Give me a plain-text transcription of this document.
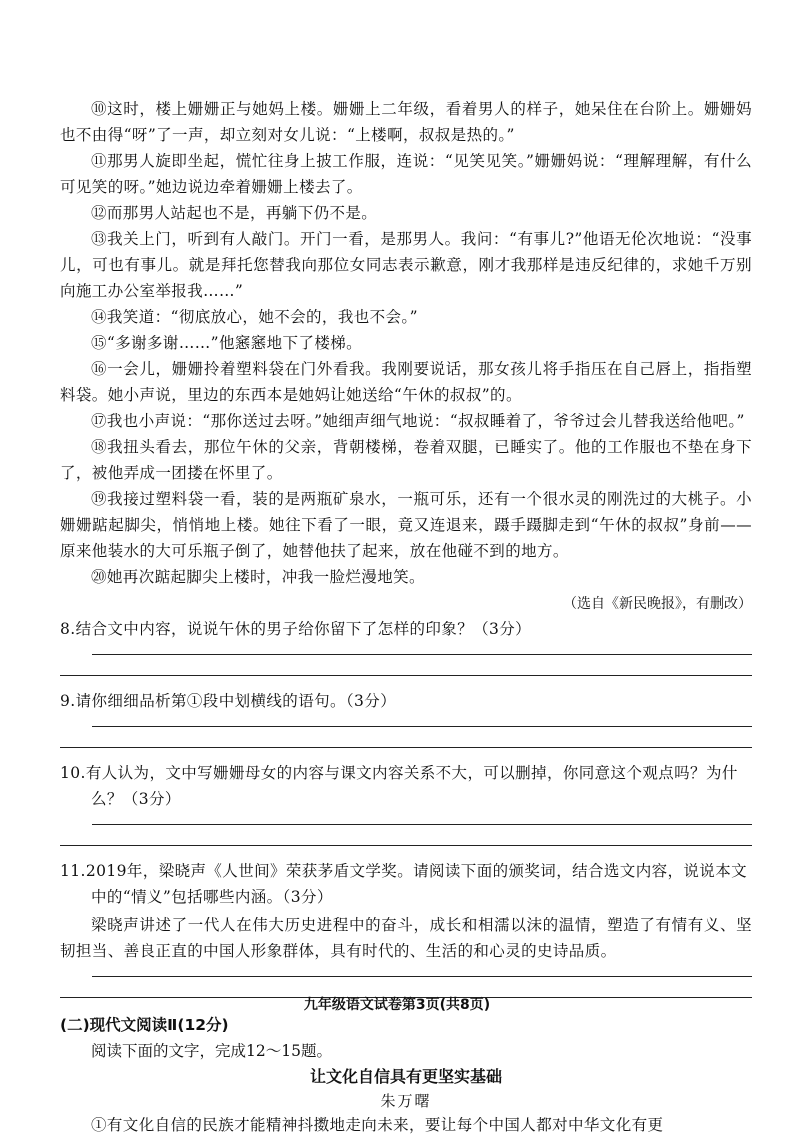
⑩这时，楼上姗姗正与她妈上楼。姗姗上二年级，看着男人的样子，她呆住在台阶上。姗姗妈也不由得“呀”了一声，却立刻对女儿说：“上楼啊，叔叔是热的。”

⑪那男人旋即坐起，慌忙往身上披工作服，连说：“见笑见笑。”姗姗妈说：“理解理解，有什么可见笑的呀。”她边说边牵着姗姗上楼去了。

⑫而那男人站起也不是，再躺下仍不是。

⑬我关上门，听到有人敲门。开门一看，是那男人。我问：“有事儿?”他语无伦次地说：“没事儿，可也有事儿。就是拜托您替我向那位女同志表示歉意，刚才我那样是违反纪律的，求她千万别向施工办公室举报我……”

⑭我笑道：“彻底放心，她不会的，我也不会。”

⑮“多谢多谢……”他窸窸地下了楼梯。

⑯一会儿，姗姗拎着塑料袋在门外看我。我刚要说话，那女孩儿将手指压在自己唇上，指指塑料袋。她小声说，里边的东西本是她妈让她送给“午休的叔叔”的。

⑰我也小声说：“那你送过去呀。”她细声细气地说：“叔叔睡着了，爷爷过会儿替我送给他吧。”

⑱我扭头看去，那位午休的父亲，背朝楼梯，卷着双腿，已睡实了。他的工作服也不垫在身下了，被他弄成一团搂在怀里了。

⑲我接过塑料袋一看，装的是两瓶矿泉水，一瓶可乐，还有一个很水灵的刚洗过的大桃子。小姗姗踮起脚尖，悄悄地上楼。她往下看了一眼，竟又连退来，蹑手蹑脚走到“午休的叔叔”身前——原来他装水的大可乐瓶子倒了，她替他扶了起来，放在他碰不到的地方。

⑳她再次踮起脚尖上楼时，冲我一脸烂漫地笑。

（选自《新民晚报》，有删改）

8.结合文中内容，说说午休的男子给你留下了怎样的印象？（3分）

9.请你细细品析第①段中划横线的语句。（3分）

10.有人认为，文中写姗姗母女的内容与课文内容关系不大，可以删掉，你同意这个观点吗？为什么？（3分）

11.2019年，梁晓声《人世间》荣获茅盾文学奖。请阅读下面的颁奖词，结合选文内容，说说本文中的“情义”包括哪些内涵。（3分）

梁晓声讲述了一代人在伟大历史进程中的奋斗，成长和相濡以沫的温情，塑造了有情有义、坚韧担当、善良正直的中国人形象群体，具有时代的、生活的和心灵的史诗品质。

(二)现代文阅读Ⅱ(12分)

阅读下面的文字，完成12～15题。

让文化自信具有更坚实基础

朱万曙

①有文化自信的民族才能精神抖擞地走向未来，要让每个中国人都对中华文化有更

九年级语文试卷第3页(共8页)
